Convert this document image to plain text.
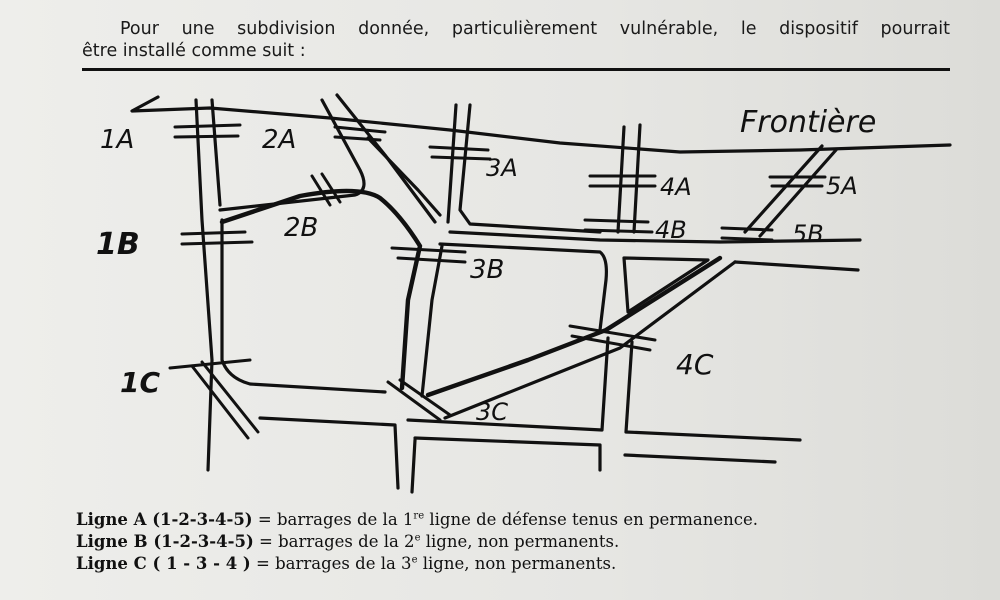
Pour une subdivision donnée, particulièrement vulnérable, le dispositif pourrait
être installé comme suit :
Frontière
1A	2A
3A
4A	5A
1B	2B
3B
4B	5B
1C
3C
4C
Ligne A (1-2-3-4-5) = barrages de la 1re ligne de défense tenus en permanence.
Ligne B (1-2-3-4-5) = barrages de la 2e ligne, non permanents.
Ligne C ( 1 - 3 - 4 ) = barrages de la 3e ligne, non permanents.
